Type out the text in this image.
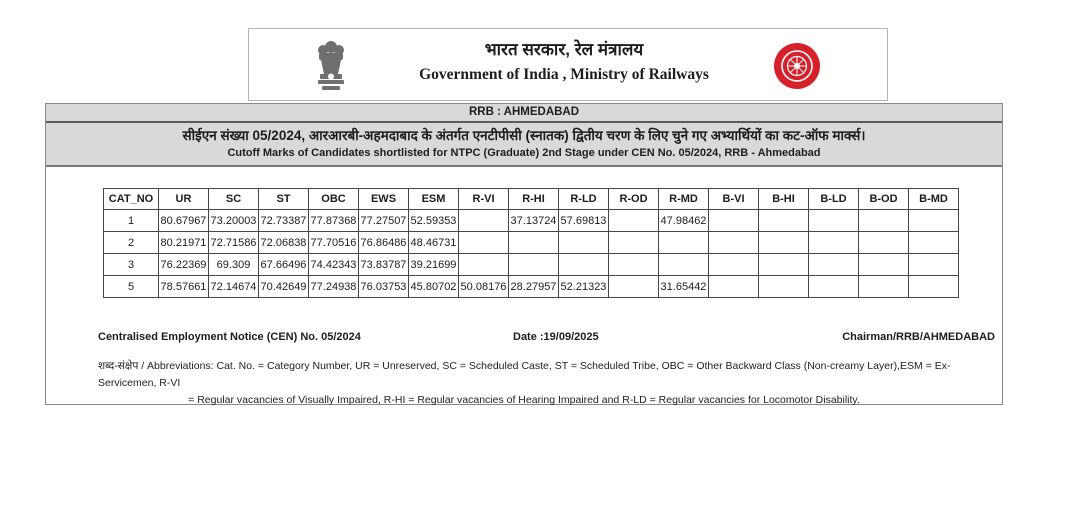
भारत सरकार, रेल मंत्रालय
Government of India , Ministry of Railways
RRB : AHMEDABAD
सीईएन संख्या 05/2024, आरआरबी-अहमदाबाद के अंतर्गत एनटीपीसी (स्नातक) द्वितीय चरण के लिए चुने गए अभ्यार्थियों का कट-ऑफ मार्क्स।
Cutoff Marks of Candidates shortlisted for NTPC (Graduate) 2nd Stage under CEN No. 05/2024, RRB - Ahmedabad
CAT_NO	UR	SC	ST	OBC	EWS	ESM	R-VI	R-HI	R-LD	R-OD	R-MD	B-VI	B-HI	B-LD	B-OD	B-MD
1	80.67967	73.20003	72.73387	77.87368	77.27507	52.59353		37.13724	57.69813		47.98462					
2	80.21971	72.71586	72.06838	77.70516	76.86486	48.46731										
3	76.22369	69.309	67.66496	74.42343	73.83787	39.21699										
5	78.57661	72.14674	70.42649	77.24938	76.03753	45.80702	50.08176	28.27957	52.21323		31.65442					
Centralised Employment Notice (CEN) No. 05/2024	Date :19/09/2025	Chairman/RRB/AHMEDABAD
शब्द-संक्षेप / Abbreviations: Cat. No. = Category Number, UR = Unreserved, SC = Scheduled Caste, ST = Scheduled Tribe, OBC = Other Backward Class (Non-creamy Layer),ESM = Ex-Servicemen, R-VI
= Regular vacancies of Visually Impaired, R-HI = Regular vacancies of Hearing Impaired and R-LD = Regular vacancies for Locomotor Disability.
